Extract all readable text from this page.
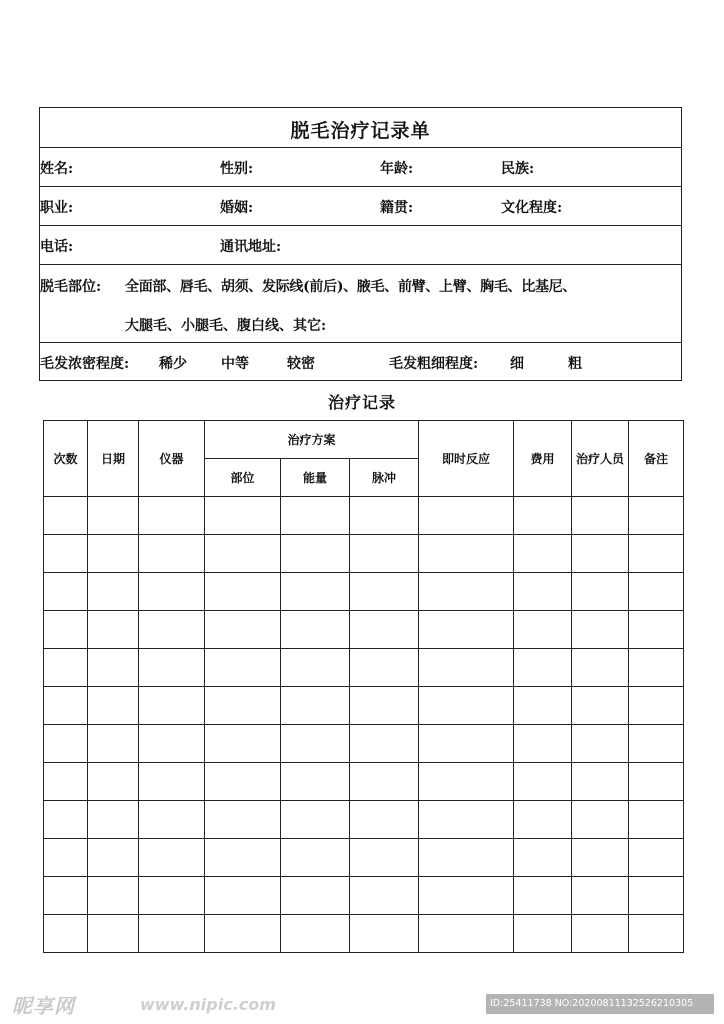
脱毛治疗记录单
姓名:	性别:	年龄:	民族:
职业:	婚姻:	籍贯:	文化程度:
电话:	通讯地址:
脱毛部位: 全面部、唇毛、胡须、发际线(前后)、腋毛、前臂、上臂、胸毛、比基尼、
大腿毛、小腿毛、腹白线、其它:
毛发浓密程度: 稀少 中等	较密	毛发粗细程度: 细	粗
治疗记录
次数	日期	仪器	治疗方案			即时反应	费用	治疗人员	备注
			部位	能量	脉冲				

昵享网	www.nipic.com	ID:25411738 NO:20200811132526210305
